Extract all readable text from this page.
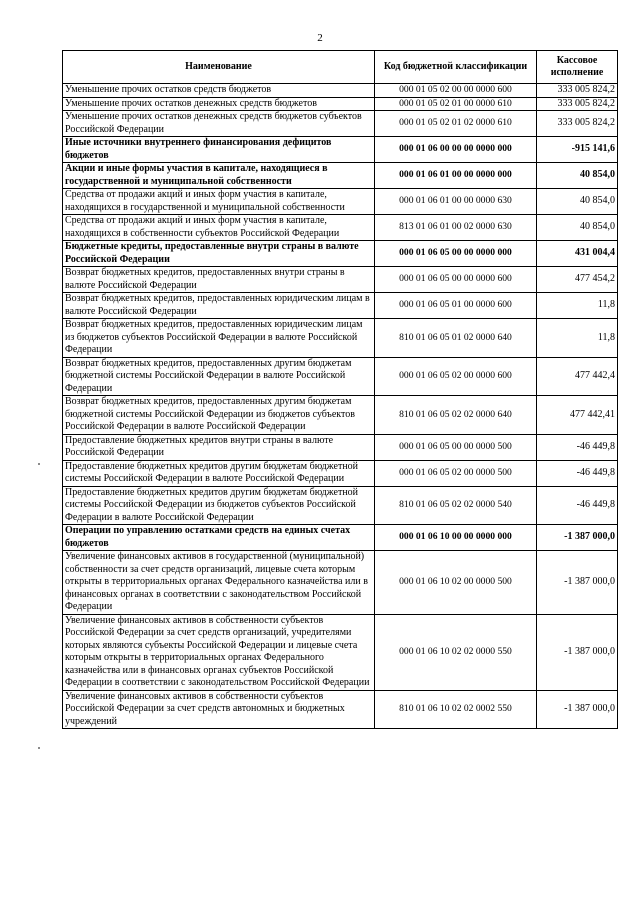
2
Наименование	Код бюджетной классификации	Кассовое исполнение
Уменьшение прочих остатков средств бюджетов	000 01 05 02 00 00 0000 600	333 005 824,2
Уменьшение прочих остатков денежных средств бюджетов	000 01 05 02 01 00 0000 610	333 005 824,2
Уменьшение прочих остатков денежных средств бюджетов субъектов Российской Федерации	000 01 05 02 01 02 0000 610	333 005 824,2
Иные источники внутреннего финансирования дефицитов бюджетов	000 01 06 00 00 00 0000 000	-915 141,6
Акции и иные формы участия в капитале, находящиеся в государственной и муниципальной собственности	000 01 06 01 00 00 0000 000	40 854,0
Средства от продажи акций и иных форм участия в капитале, находящихся в государственной и муниципальной собственности	000 01 06 01 00 00 0000 630	40 854,0
Средства от продажи акций и иных форм участия в капитале, находящихся в собственности субъектов Российской Федерации	813 01 06 01 00 02 0000 630	40 854,0
Бюджетные кредиты, предоставленные внутри страны в валюте Российской Федерации	000 01 06 05 00 00 0000 000	431 004,4
Возврат бюджетных кредитов, предоставленных внутри страны в валюте Российской Федерации	000 01 06 05 00 00 0000 600	477 454,2
Возврат бюджетных кредитов, предоставленных юридическим лицам в валюте Российской Федерации	000 01 06 05 01 00 0000 600	11,8
Возврат бюджетных кредитов, предоставленных юридическим лицам из бюджетов субъектов Российской Федерации в валюте Российской Федерации	810 01 06 05 01 02 0000 640	11,8
Возврат бюджетных кредитов, предоставленных другим бюджетам бюджетной системы Российской Федерации в валюте Российской Федерации	000 01 06 05 02 00 0000 600	477 442,4
Возврат бюджетных кредитов, предоставленных другим бюджетам бюджетной системы Российской Федерации из бюджетов субъектов Российской Федерации в валюте Российской Федерации	810 01 06 05 02 02 0000 640	477 442,41
Предоставление бюджетных кредитов внутри страны в валюте Российской Федерации	000 01 06 05 00 00 0000 500	-46 449,8
Предоставление бюджетных кредитов другим бюджетам бюджетной системы Российской Федерации в валюте Российской Федерации	000 01 06 05 02 00 0000 500	-46 449,8
Предоставление бюджетных кредитов другим бюджетам бюджетной системы Российской Федерации из бюджетов субъектов Российской Федерации в валюте Российской Федерации	810 01 06 05 02 02 0000 540	-46 449,8
Операции по управлению остатками средств на единых счетах бюджетов	000 01 06 10 00 00 0000 000	-1 387 000,0
Увеличение финансовых активов в государственной (муниципальной) собственности за счет средств организаций, лицевые счета которым открыты в территориальных органах Федерального казначейства или в финансовых органах в соответствии с законодательством Российской Федерации	000 01 06 10 02 00 0000 500	-1 387 000,0
Увеличение финансовых активов в собственности субъектов Российской Федерации за счет средств организаций, учредителями которых являются субъекты Российской Федерации и лицевые счета которым открыты в территориальных органах Федерального казначейства или в финансовых органах субъектов Российской Федерации в соответствии с законодательством Российской Федерации	000 01 06 10 02 02 0000 550	-1 387 000,0
Увеличение финансовых активов в собственности субъектов Российской Федерации за счет средств автономных и бюджетных учреждений	810 01 06 10 02 02 0002 550	-1 387 000,0
